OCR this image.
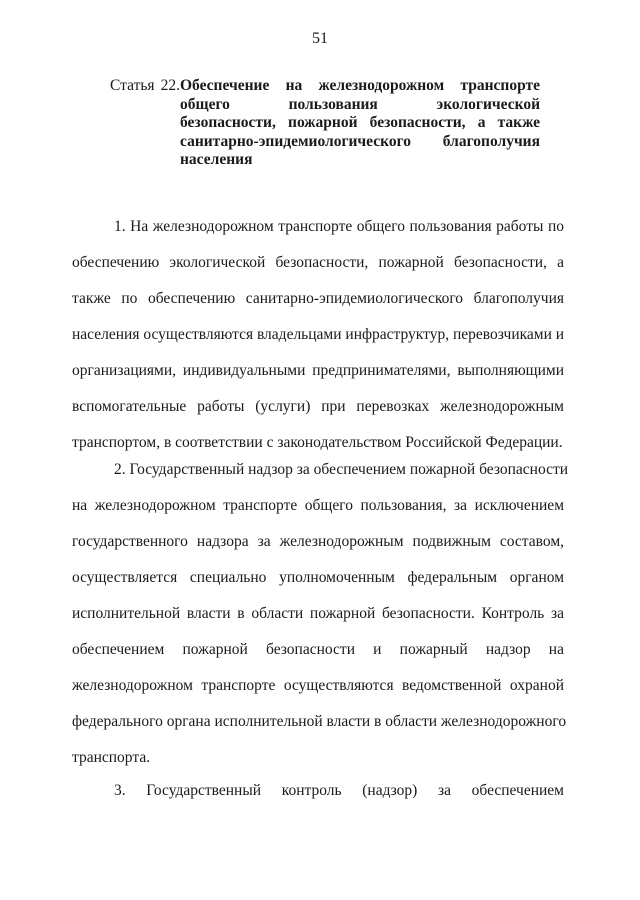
51
Статья 22.Обеспечение на железнодорожном транспорте
общего пользования экологической
безопасности, пожарной безопасности, а также
санитарно-эпидемиологического благополучия
населения
1. На железнодорожном транспорте общего пользования работы по
обеспечению экологической безопасности, пожарной безопасности, а
также по обеспечению санитарно-эпидемиологического благополучия
населения осуществляются владельцами инфраструктур, перевозчиками и
организациями, индивидуальными предпринимателями, выполняющими
вспомогательные работы (услуги) при перевозках железнодорожным
транспортом, в соответствии с законодательством Российской Федерации.
2. Государственный надзор за обеспечением пожарной безопасности
на железнодорожном транспорте общего пользования, за исключением
государственного надзора за железнодорожным подвижным составом,
осуществляется специально уполномоченным федеральным органом
исполнительной власти в области пожарной безопасности. Контроль за
обеспечением пожарной безопасности и пожарный надзор на
железнодорожном транспорте осуществляются ведомственной охраной
федерального органа исполнительной власти в области железнодорожного
транспорта.
3. Государственный контроль (надзор) за обеспечением
